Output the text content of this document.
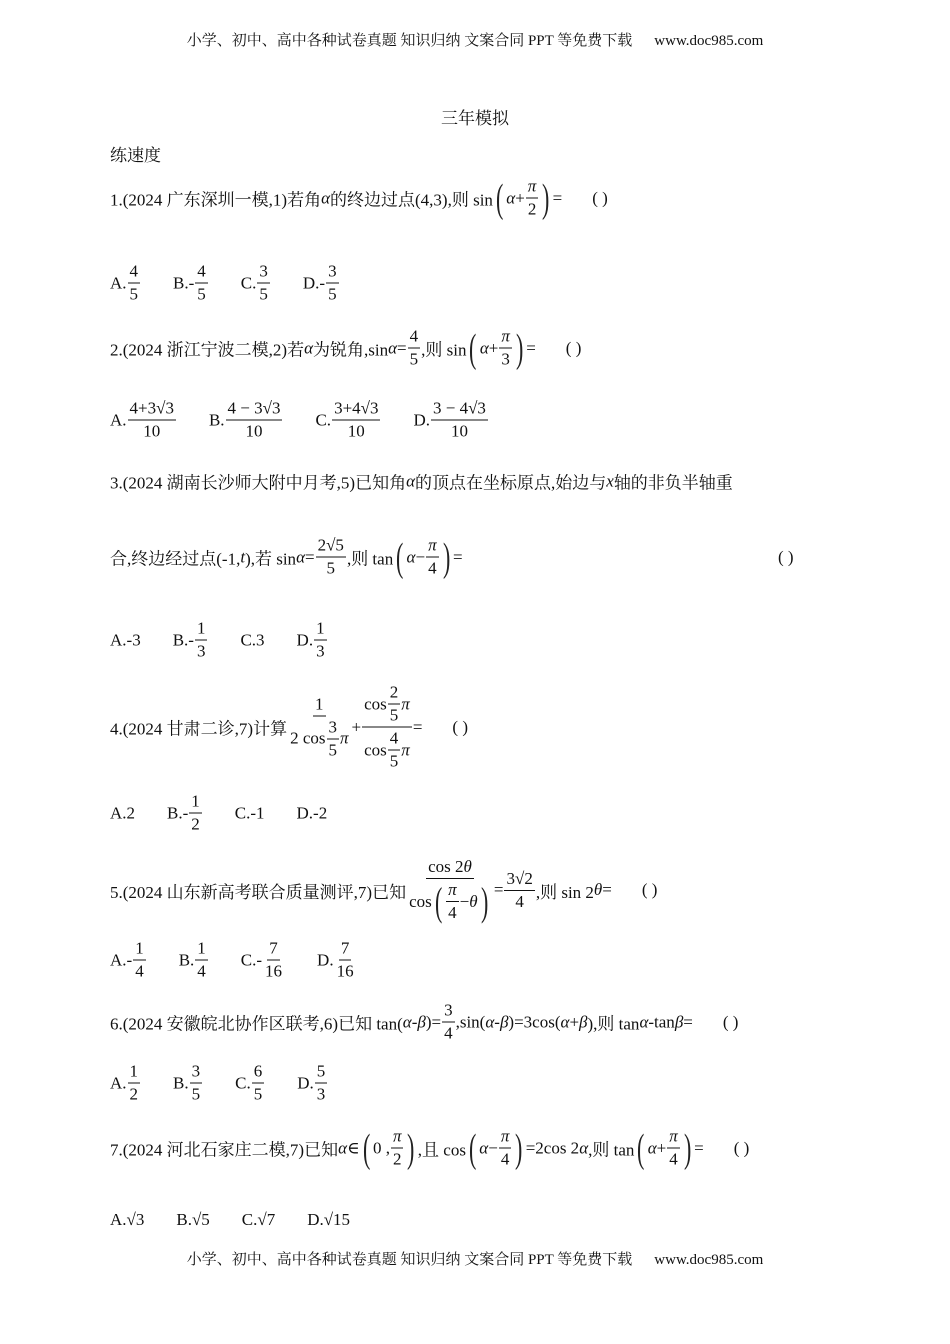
小学、初中、高中各种试卷真题 知识归纳 文案合同 PPT 等免费下载 www.doc985.com
三年模拟
练速度
1.(2024 广东深圳一模,1)若角 α 的终边过点(4,3),则 sin ( $\alpha + \frac{\pi}{2}$ ) = ( )
A. $\frac{4}{5} B.- \frac{4}{5} C$. $\frac{3}{5} D.- \frac{3}{5}$
2.(2024 浙江宁波二模,2)若 α 为锐角,sin $\alpha = \frac{4}{5}$ ,则 sin ( $\alpha + \frac{\pi}{3}$ ) = ( )
A. $\frac{4+3√3}{10} B$. $\frac{4 - 3√3}{10} C$. $\frac{3+4√3}{10} D$. $\frac{3 - 4√3}{10}$
合,终边经过点(-1, t ),若 $\sin \alpha = \frac{2√5}{5}$ ,则 tan ( $\alpha - \frac{\pi}{4}$ ) =	( )
3.(2024 湖南长沙师大附中月考,5)已知角 α 的顶点在坐标原点,始边与 x 轴的非负半轴重
A.-3 $B.- \frac{1}{3} C.3$ D. $\frac{1}{3}$
4.(2024 甘肃二诊,7)计算 $\frac{1}{2 \cos \frac{3}{5} \pi} + \frac{\cos \frac{2}{5} \pi}{\cos \frac{4}{5} \pi}$ = ( )
A.2 $B.- \frac{1}{2} C.-1$ D.-2
5.(2024 山东新高考联合质量测评,7)已知 $\frac{\cos 2 \theta}{\cos ( \frac{\pi}{4} - \theta )} = \frac{3√2}{4}$ ,则 sin 2 θ = ( )
$A.- \frac{1}{4} B$. $\frac{1}{4} C.- \frac{7}{16} D$. $\frac{7}{16}$
6.(2024 安徽皖北协作区联考,6)已知 tan( α - β )= $\frac{3}{4} ,\sin$( α - β )=3cos( α + β ),则 tan α -tan β = ( )
A. $\frac{1}{2} B$. $\frac{3}{5} C$. $\frac{6}{5} D$. $\frac{5}{3}$
7.(2024 河北石家庄二模,7)已知 α ∈ ( 0 , $\frac{\pi}{2}$ ) ,且 cos ( $\alpha - \frac{\pi}{4}$ ) =2cos 2 α ,则 tan ( $\alpha + \frac{\pi}{4}$ ) = ( )
A.√3 B.√5 C.√7 D.√15
小学、初中、高中各种试卷真题 知识归纳 文案合同 PPT 等免费下载 www.doc985.com
